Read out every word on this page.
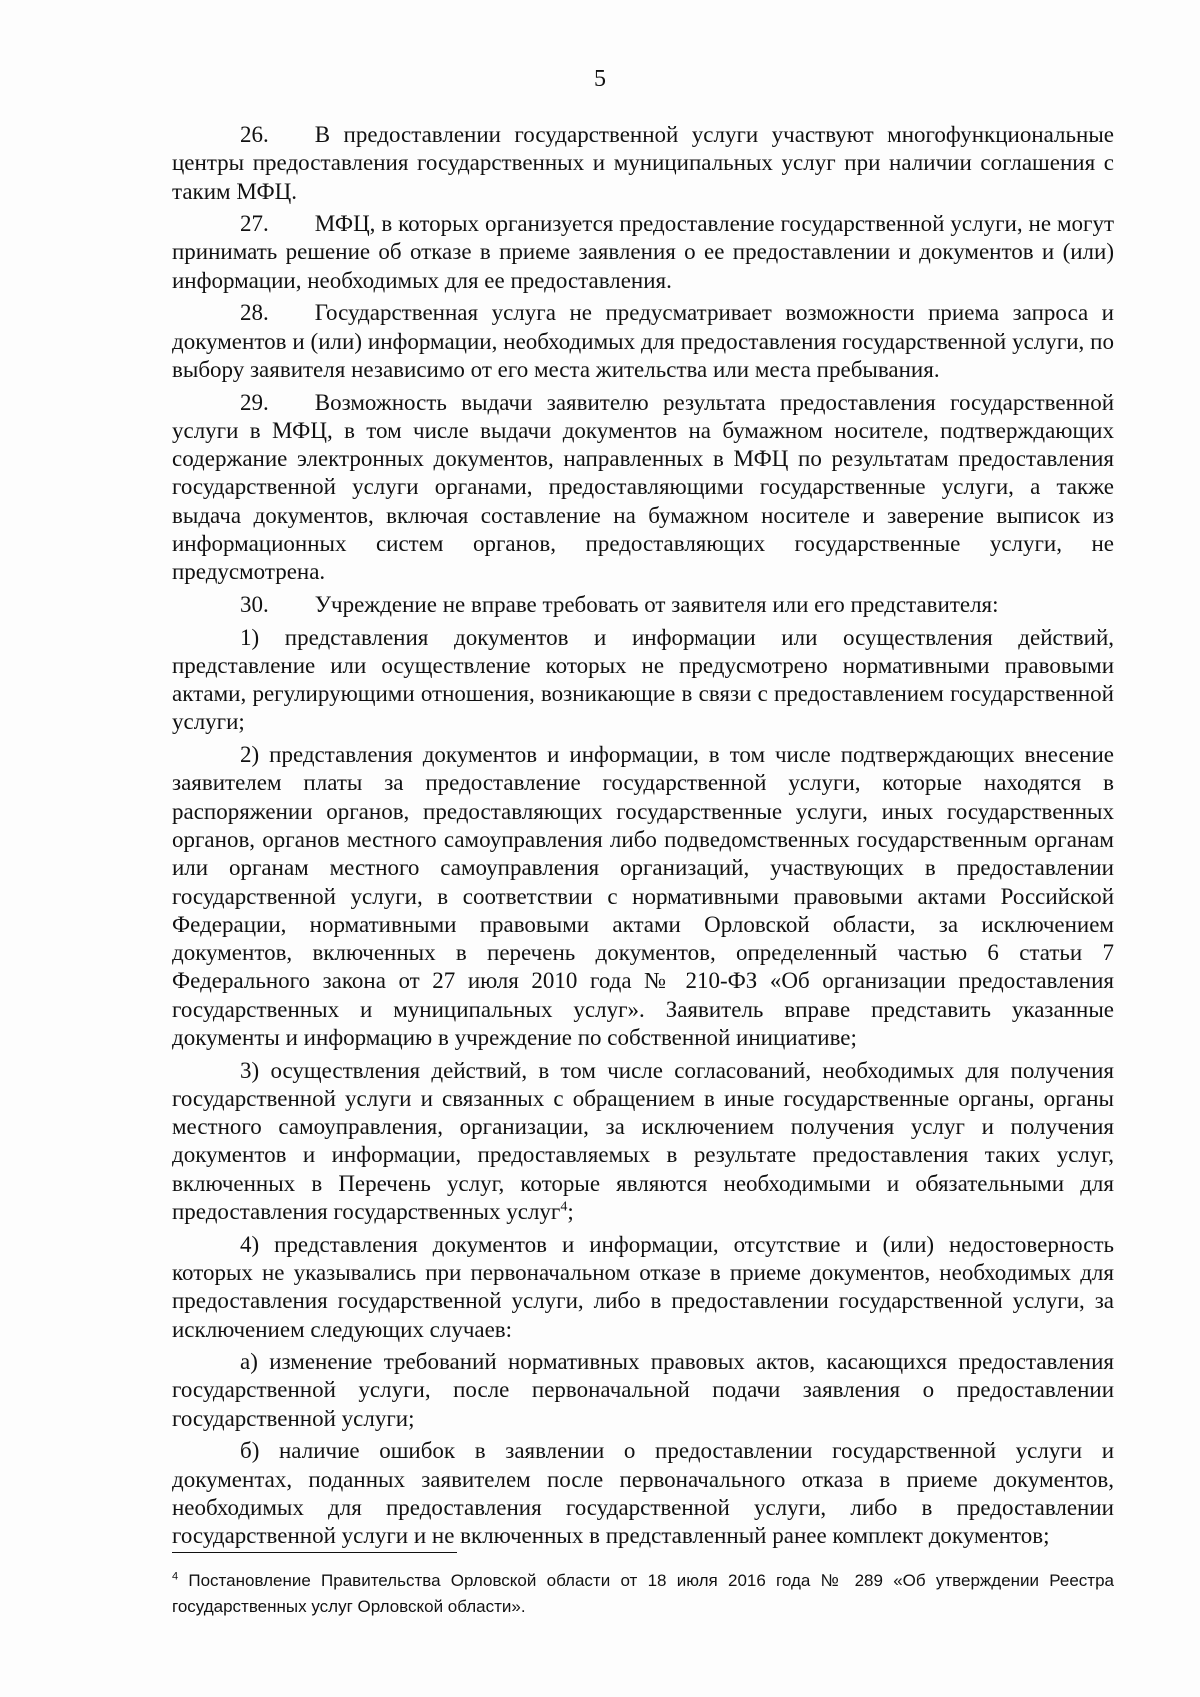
5

26.  В предоставлении государственной услуги участвуют многофункциональные центры предоставления государственных и муниципальных услуг при наличии соглашения с таким МФЦ.

27.  МФЦ, в которых организуется предоставление государственной услуги, не могут принимать решение об отказе в приеме заявления о ее предоставлении и документов и (или) информации, необходимых для ее предоставления.

28.  Государственная услуга не предусматривает возможности приема запроса и документов и (или) информации, необходимых для предоставления государственной услуги, по выбору заявителя независимо от его места жительства или места пребывания.

29.  Возможность выдачи заявителю результата предоставления государственной услуги в МФЦ, в том числе выдачи документов на бумажном носителе, подтверждающих содержание электронных документов, направленных в МФЦ по результатам предоставления государственной услуги органами, предоставляющими государственные услуги, а также выдача документов, включая составление на бумажном носителе и заверение выписок из информационных систем органов, предоставляющих государственные услуги, не предусмотрена.

30.  Учреждение не вправе требовать от заявителя или его представителя:

1) представления документов и информации или осуществления действий, представление или осуществление которых не предусмотрено нормативными правовыми актами, регулирующими отношения, возникающие в связи с предоставлением государственной услуги;

2) представления документов и информации, в том числе подтверждающих внесение заявителем платы за предоставление государственной услуги, которые находятся в распоряжении органов, предоставляющих государственные услуги, иных государственных органов, органов местного самоуправления либо подведомственных государственным органам или органам местного самоуправления организаций, участвующих в предоставлении государственной услуги, в соответствии с нормативными правовыми актами Российской Федерации, нормативными правовыми актами Орловской области, за исключением документов, включенных в перечень документов, определенный частью 6 статьи 7 Федерального закона от 27 июля 2010 года № 210-ФЗ «Об организации предоставления государственных и муниципальных услуг». Заявитель вправе представить указанные документы и информацию в учреждение по собственной инициативе;

3) осуществления действий, в том числе согласований, необходимых для получения государственной услуги и связанных с обращением в иные государственные органы, органы местного самоуправления, организации, за исключением получения услуг и получения документов и информации, предоставляемых в результате предоставления таких услуг, включенных в Перечень услуг, которые являются необходимыми и обязательными для предоставления государственных услуг$^4$;

4) представления документов и информации, отсутствие и (или) недостоверность которых не указывались при первоначальном отказе в приеме документов, необходимых для предоставления государственной услуги, либо в предоставлении государственной услуги, за исключением следующих случаев:

а) изменение требований нормативных правовых актов, касающихся предоставления государственной услуги, после первоначальной подачи заявления о предоставлении государственной услуги;

б) наличие ошибок в заявлении о предоставлении государственной услуги и документах, поданных заявителем после первоначального отказа в приеме документов, необходимых для предоставления государственной услуги, либо в предоставлении государственной услуги и не включенных в представленный ранее комплект документов;

$^4$ Постановление Правительства Орловской области от 18 июля 2016 года № 289 «Об утверждении Реестра государственных услуг Орловской области».
